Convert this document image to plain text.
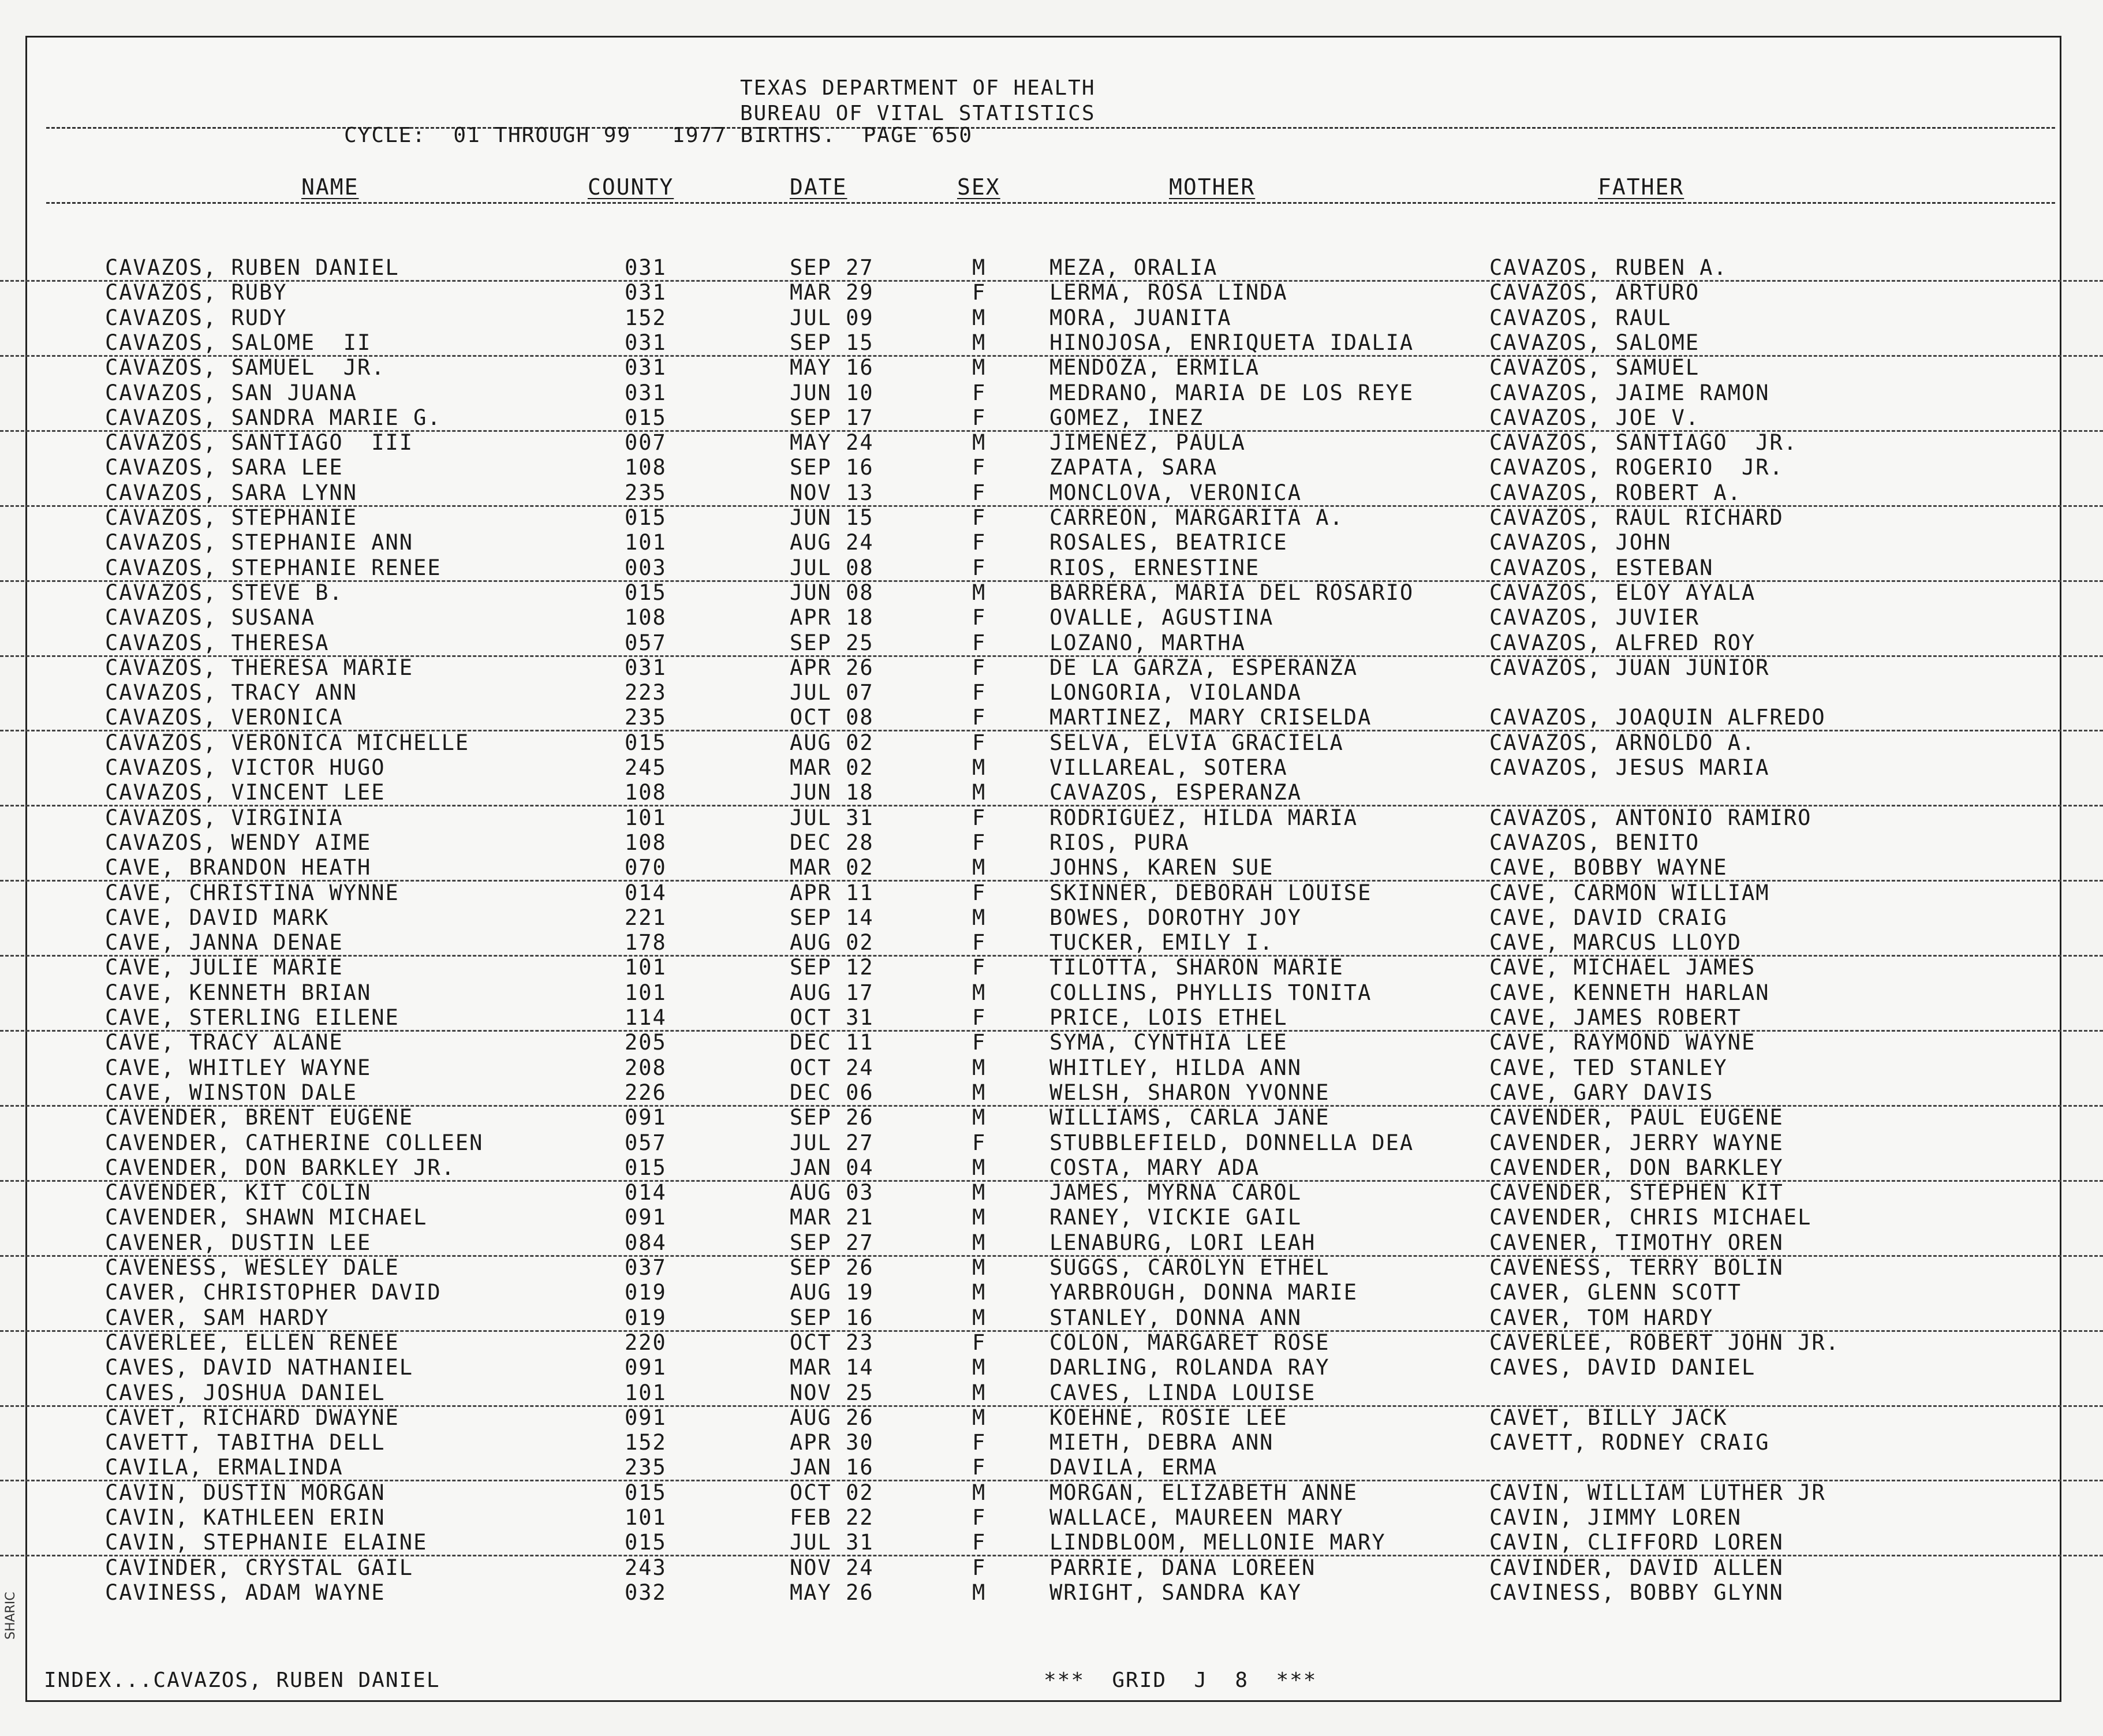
SHARIC
TEXAS DEPARTMENT OF HEALTH
BUREAU OF VITAL STATISTICS
CYCLE:  01 THROUGH 99   1977 BIRTHS.  PAGE 650
NAME	COUNTY	DATE	SEX	MOTHER	FATHER
CAVAZOS, RUBEN DANIEL	031	SEP 27	M	MEZA, ORALIA	CAVAZOS, RUBEN A.
CAVAZOS, RUBY	031	MAR 29	F	LERMA, ROSA LINDA	CAVAZOS, ARTURO
CAVAZOS, RUDY	152	JUL 09	M	MORA, JUANITA	CAVAZOS, RAUL
CAVAZOS, SALOME  II	031	SEP 15	M	HINOJOSA, ENRIQUETA IDALIA	CAVAZOS, SALOME
CAVAZOS, SAMUEL  JR.	031	MAY 16	M	MENDOZA, ERMILA	CAVAZOS, SAMUEL
CAVAZOS, SAN JUANA	031	JUN 10	F	MEDRANO, MARIA DE LOS REYE	CAVAZOS, JAIME RAMON
CAVAZOS, SANDRA MARIE G.	015	SEP 17	F	GOMEZ, INEZ	CAVAZOS, JOE V.
CAVAZOS, SANTIAGO  III	007	MAY 24	M	JIMENEZ, PAULA	CAVAZOS, SANTIAGO  JR.
CAVAZOS, SARA LEE	108	SEP 16	F	ZAPATA, SARA	CAVAZOS, ROGERIO  JR.
CAVAZOS, SARA LYNN	235	NOV 13	F	MONCLOVA, VERONICA	CAVAZOS, ROBERT A.
CAVAZOS, STEPHANIE	015	JUN 15	F	CARREON, MARGARITA A.	CAVAZOS, RAUL RICHARD
CAVAZOS, STEPHANIE ANN	101	AUG 24	F	ROSALES, BEATRICE	CAVAZOS, JOHN
CAVAZOS, STEPHANIE RENEE	003	JUL 08	F	RIOS, ERNESTINE	CAVAZOS, ESTEBAN
CAVAZOS, STEVE B.	015	JUN 08	M	BARRERA, MARIA DEL ROSARIO	CAVAZOS, ELOY AYALA
CAVAZOS, SUSANA	108	APR 18	F	OVALLE, AGUSTINA	CAVAZOS, JUVIER
CAVAZOS, THERESA	057	SEP 25	F	LOZANO, MARTHA	CAVAZOS, ALFRED ROY
CAVAZOS, THERESA MARIE	031	APR 26	F	DE LA GARZA, ESPERANZA	CAVAZOS, JUAN JUNIOR
CAVAZOS, TRACY ANN	223	JUL 07	F	LONGORIA, VIOLANDA
CAVAZOS, VERONICA	235	OCT 08	F	MARTINEZ, MARY CRISELDA	CAVAZOS, JOAQUIN ALFREDO
CAVAZOS, VERONICA MICHELLE	015	AUG 02	F	SELVA, ELVIA GRACIELA	CAVAZOS, ARNOLDO A.
CAVAZOS, VICTOR HUGO	245	MAR 02	M	VILLAREAL, SOTERA	CAVAZOS, JESUS MARIA
CAVAZOS, VINCENT LEE	108	JUN 18	M	CAVAZOS, ESPERANZA
CAVAZOS, VIRGINIA	101	JUL 31	F	RODRIGUEZ, HILDA MARIA	CAVAZOS, ANTONIO RAMIRO
CAVAZOS, WENDY AIME	108	DEC 28	F	RIOS, PURA	CAVAZOS, BENITO
CAVE, BRANDON HEATH	070	MAR 02	M	JOHNS, KAREN SUE	CAVE, BOBBY WAYNE
CAVE, CHRISTINA WYNNE	014	APR 11	F	SKINNER, DEBORAH LOUISE	CAVE, CARMON WILLIAM
CAVE, DAVID MARK	221	SEP 14	M	BOWES, DOROTHY JOY	CAVE, DAVID CRAIG
CAVE, JANNA DENAE	178	AUG 02	F	TUCKER, EMILY I.	CAVE, MARCUS LLOYD
CAVE, JULIE MARIE	101	SEP 12	F	TILOTTA, SHARON MARIE	CAVE, MICHAEL JAMES
CAVE, KENNETH BRIAN	101	AUG 17	M	COLLINS, PHYLLIS TONITA	CAVE, KENNETH HARLAN
CAVE, STERLING EILENE	114	OCT 31	F	PRICE, LOIS ETHEL	CAVE, JAMES ROBERT
CAVE, TRACY ALANE	205	DEC 11	F	SYMA, CYNTHIA LEE	CAVE, RAYMOND WAYNE
CAVE, WHITLEY WAYNE	208	OCT 24	M	WHITLEY, HILDA ANN	CAVE, TED STANLEY
CAVE, WINSTON DALE	226	DEC 06	M	WELSH, SHARON YVONNE	CAVE, GARY DAVIS
CAVENDER, BRENT EUGENE	091	SEP 26	M	WILLIAMS, CARLA JANE	CAVENDER, PAUL EUGENE
CAVENDER, CATHERINE COLLEEN	057	JUL 27	F	STUBBLEFIELD, DONNELLA DEA	CAVENDER, JERRY WAYNE
CAVENDER, DON BARKLEY JR.	015	JAN 04	M	COSTA, MARY ADA	CAVENDER, DON BARKLEY
CAVENDER, KIT COLIN	014	AUG 03	M	JAMES, MYRNA CAROL	CAVENDER, STEPHEN KIT
CAVENDER, SHAWN MICHAEL	091	MAR 21	M	RANEY, VICKIE GAIL	CAVENDER, CHRIS MICHAEL
CAVENER, DUSTIN LEE	084	SEP 27	M	LENABURG, LORI LEAH	CAVENER, TIMOTHY OREN
CAVENESS, WESLEY DALE	037	SEP 26	M	SUGGS, CAROLYN ETHEL	CAVENESS, TERRY BOLIN
CAVER, CHRISTOPHER DAVID	019	AUG 19	M	YARBROUGH, DONNA MARIE	CAVER, GLENN SCOTT
CAVER, SAM HARDY	019	SEP 16	M	STANLEY, DONNA ANN	CAVER, TOM HARDY
CAVERLEE, ELLEN RENEE	220	OCT 23	F	COLON, MARGARET ROSE	CAVERLEE, ROBERT JOHN JR.
CAVES, DAVID NATHANIEL	091	MAR 14	M	DARLING, ROLANDA RAY	CAVES, DAVID DANIEL
CAVES, JOSHUA DANIEL	101	NOV 25	M	CAVES, LINDA LOUISE
CAVET, RICHARD DWAYNE	091	AUG 26	M	KOEHNE, ROSIE LEE	CAVET, BILLY JACK
CAVETT, TABITHA DELL	152	APR 30	F	MIETH, DEBRA ANN	CAVETT, RODNEY CRAIG
CAVILA, ERMALINDA	235	JAN 16	F	DAVILA, ERMA
CAVIN, DUSTIN MORGAN	015	OCT 02	M	MORGAN, ELIZABETH ANNE	CAVIN, WILLIAM LUTHER JR
CAVIN, KATHLEEN ERIN	101	FEB 22	F	WALLACE, MAUREEN MARY	CAVIN, JIMMY LOREN
CAVIN, STEPHANIE ELAINE	015	JUL 31	F	LINDBLOOM, MELLONIE MARY	CAVIN, CLIFFORD LOREN
CAVINDER, CRYSTAL GAIL	243	NOV 24	F	PARRIE, DANA LOREEN	CAVINDER, DAVID ALLEN
CAVINESS, ADAM WAYNE	032	MAY 26	M	WRIGHT, SANDRA KAY	CAVINESS, BOBBY GLYNN
INDEX...CAVAZOS, RUBEN DANIEL	***  GRID  J  8  ***
